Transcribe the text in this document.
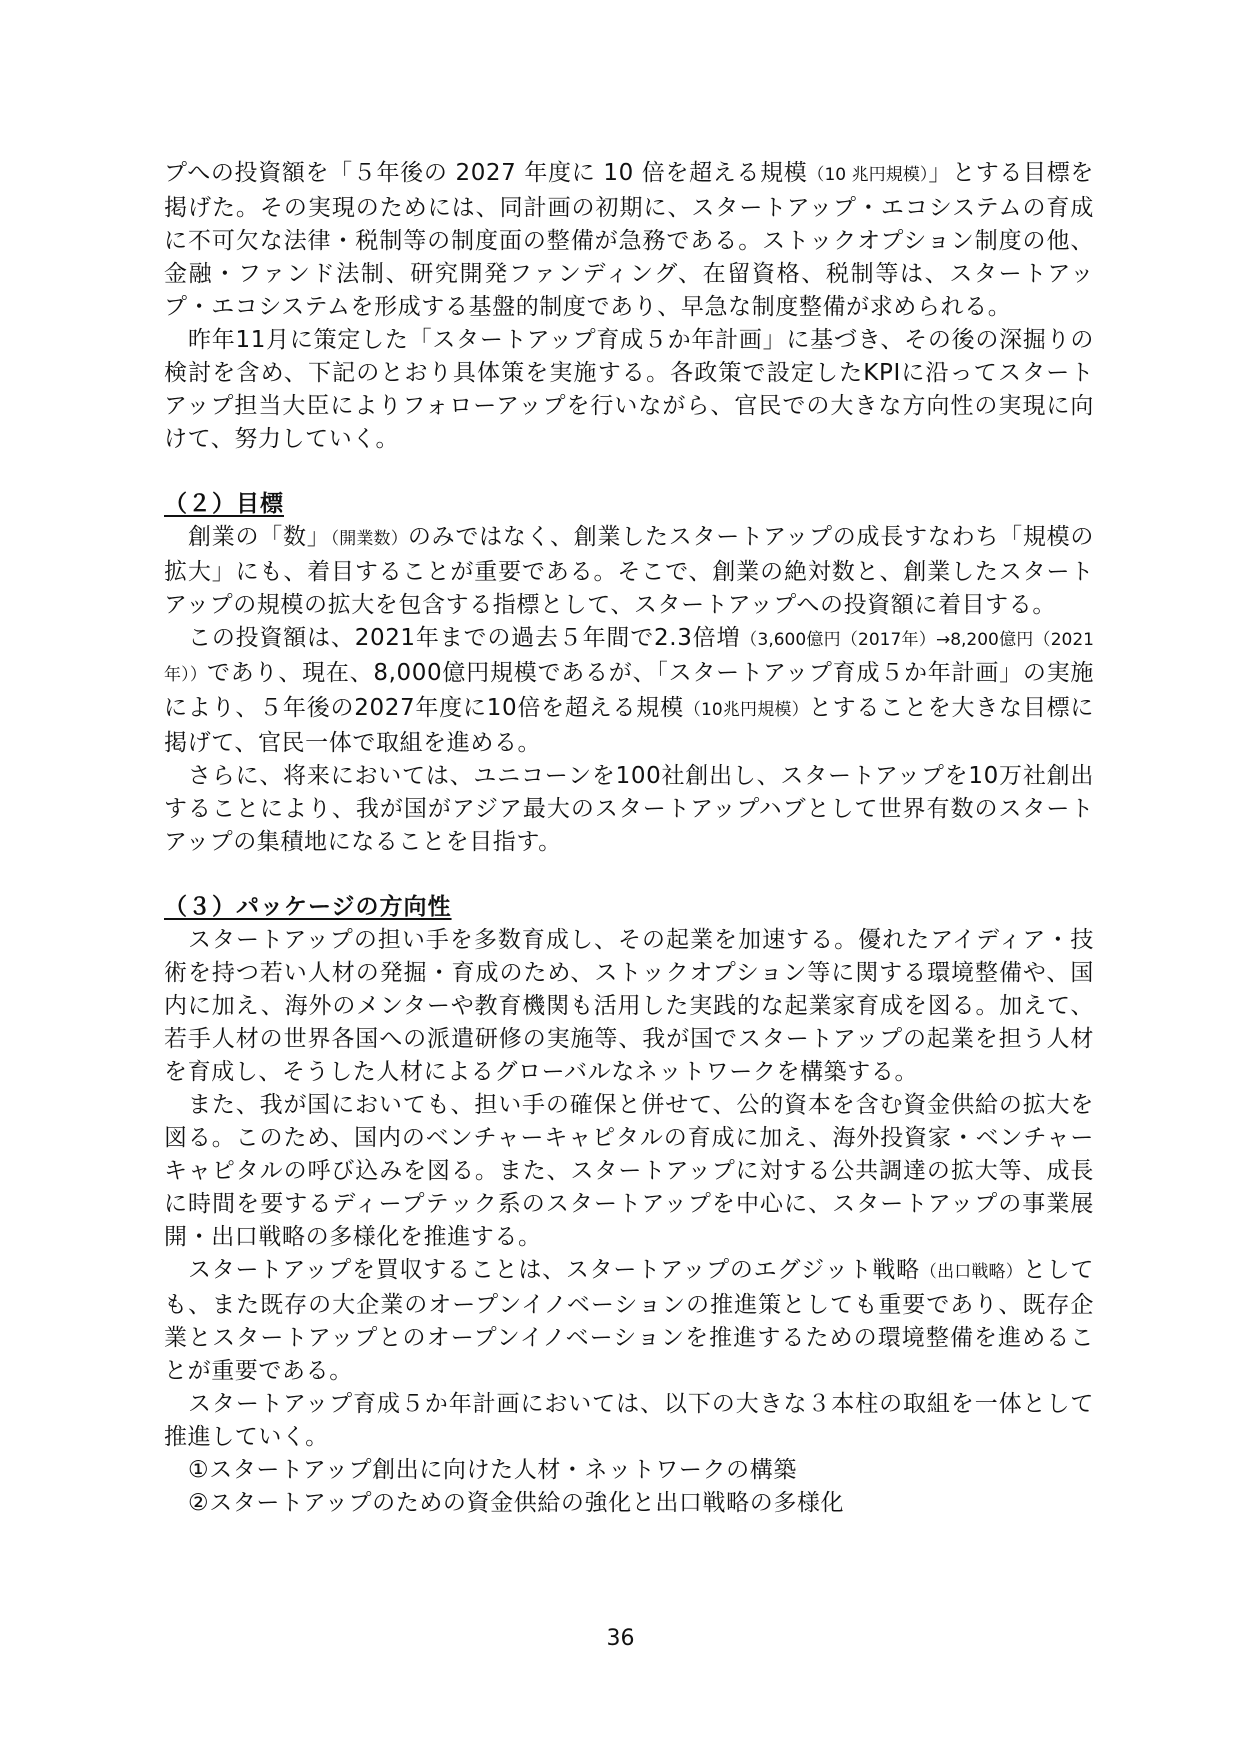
プへの投資額を「５年後の 2027 年度に 10 倍を超える規模（10 兆円規模）」とする目標を掲げた。その実現のためには、同計画の初期に、スタートアップ・エコシステムの育成に不可欠な法律・税制等の制度面の整備が急務である。ストックオプション制度の他、金融・ファンド法制、研究開発ファンディング、在留資格、税制等は、スタートアップ・エコシステムを形成する基盤的制度であり、早急な制度整備が求められる。

昨年11月に策定した「スタートアップ育成５か年計画」に基づき、その後の深掘りの検討を含め、下記のとおり具体策を実施する。各政策で設定したKPIに沿ってスタートアップ担当大臣によりフォローアップを行いながら、官民での大きな方向性の実現に向けて、努力していく。

（２）目標

創業の「数」（開業数）のみではなく、創業したスタートアップの成長すなわち「規模の拡大」にも、着目することが重要である。そこで、創業の絶対数と、創業したスタートアップの規模の拡大を包含する指標として、スタートアップへの投資額に着目する。

この投資額は、2021年までの過去５年間で2.3倍増（3,600億円（2017年）→8,200億円（2021年））であり、現在、8,000億円規模であるが、「スタートアップ育成５か年計画」の実施により、５年後の2027年度に10倍を超える規模（10兆円規模）とすることを大きな目標に掲げて、官民一体で取組を進める。

さらに、将来においては、ユニコーンを100社創出し、スタートアップを10万社創出することにより、我が国がアジア最大のスタートアップハブとして世界有数のスタートアップの集積地になることを目指す。

（３）パッケージの方向性

スタートアップの担い手を多数育成し、その起業を加速する。優れたアイディア・技術を持つ若い人材の発掘・育成のため、ストックオプション等に関する環境整備や、国内に加え、海外のメンターや教育機関も活用した実践的な起業家育成を図る。加えて、若手人材の世界各国への派遣研修の実施等、我が国でスタートアップの起業を担う人材を育成し、そうした人材によるグローバルなネットワークを構築する。

また、我が国においても、担い手の確保と併せて、公的資本を含む資金供給の拡大を図る。このため、国内のベンチャーキャピタルの育成に加え、海外投資家・ベンチャーキャピタルの呼び込みを図る。また、スタートアップに対する公共調達の拡大等、成長に時間を要するディープテック系のスタートアップを中心に、スタートアップの事業展開・出口戦略の多様化を推進する。

スタートアップを買収することは、スタートアップのエグジット戦略（出口戦略）としても、また既存の大企業のオープンイノベーションの推進策としても重要であり、既存企業とスタートアップとのオープンイノベーションを推進するための環境整備を進めることが重要である。

スタートアップ育成５か年計画においては、以下の大きな３本柱の取組を一体として推進していく。

①スタートアップ創出に向けた人材・ネットワークの構築

②スタートアップのための資金供給の強化と出口戦略の多様化

36
